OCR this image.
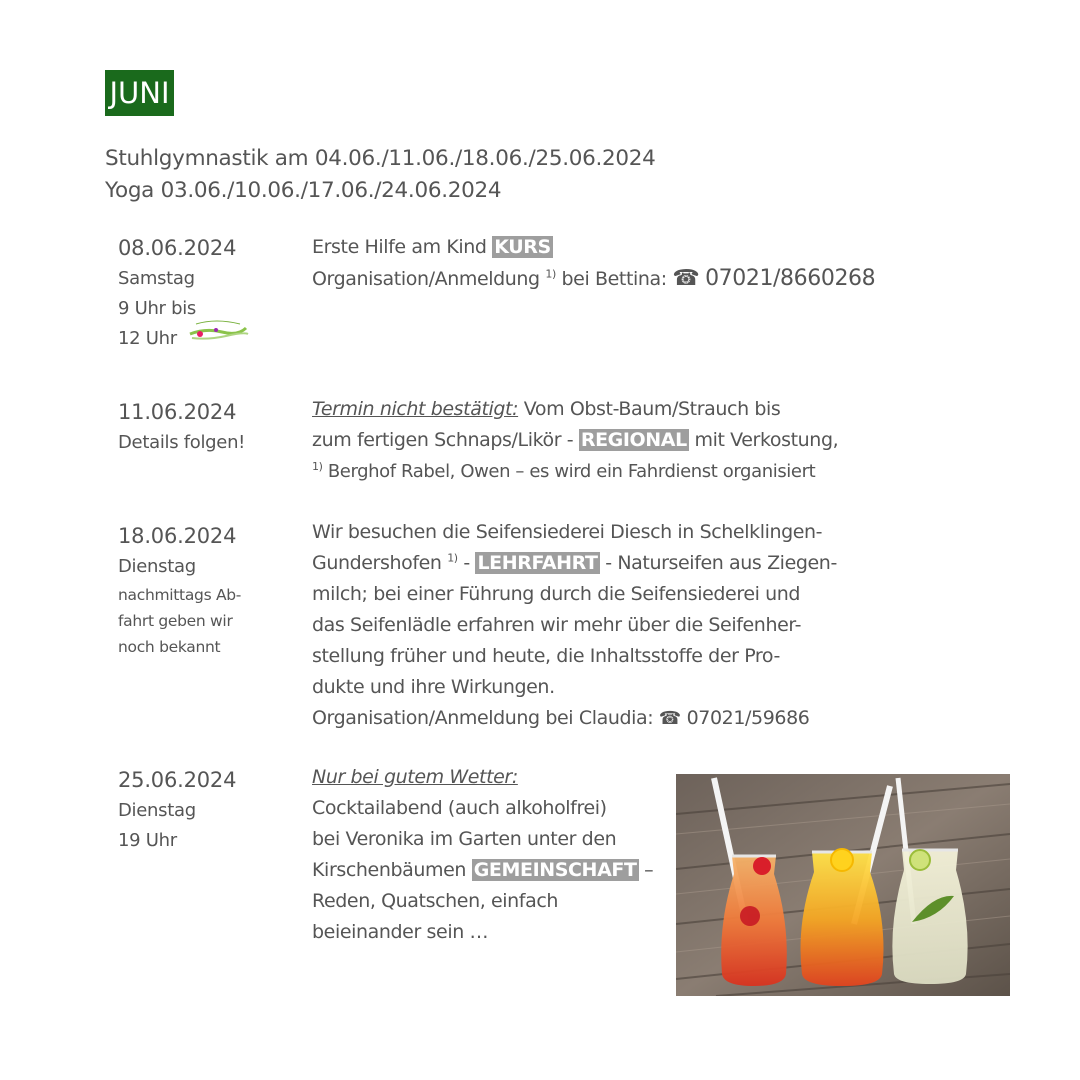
JUNI
Stuhlgymnastik am 04.06./11.06./18.06./25.06.2024
Yoga 03.06./10.06./17.06./24.06.2024
08.06.2024
Samstag
9 Uhr bis
12 Uhr
Erste Hilfe am Kind KURS
Organisation/Anmeldung $^{1)}$ bei Bettina: ☎ 07021/8660268
11.06.2024
Details folgen!
Termin nicht bestätigt: Vom Obst-Baum/Strauch bis
zum fertigen Schnaps/Likör - REGIONAL mit Verkostung,
$^{1)}$ Berghof Rabel, Owen – es wird ein Fahrdienst organisiert
18.06.2024
Dienstag
nachmittags Ab-
fahrt geben wir
noch bekannt
Wir besuchen die Seifensiederei Diesch in Schelklingen-
Gundershofen $^{1)}$ - LEHRFAHRT - Naturseifen aus Ziegen-
milch; bei einer Führung durch die Seifensiederei und
das Seifenlädle erfahren wir mehr über die Seifenher-
stellung früher und heute, die Inhaltsstoffe der Pro-
dukte und ihre Wirkungen.
Organisation/Anmeldung bei Claudia: ☎ 07021/59686
25.06.2024
Dienstag
19 Uhr
Nur bei gutem Wetter:
Cocktailabend (auch alkoholfrei)
bei Veronika im Garten unter den
Kirschenbäumen GEMEINSCHAFT –
Reden, Quatschen, einfach
beieinander sein …
